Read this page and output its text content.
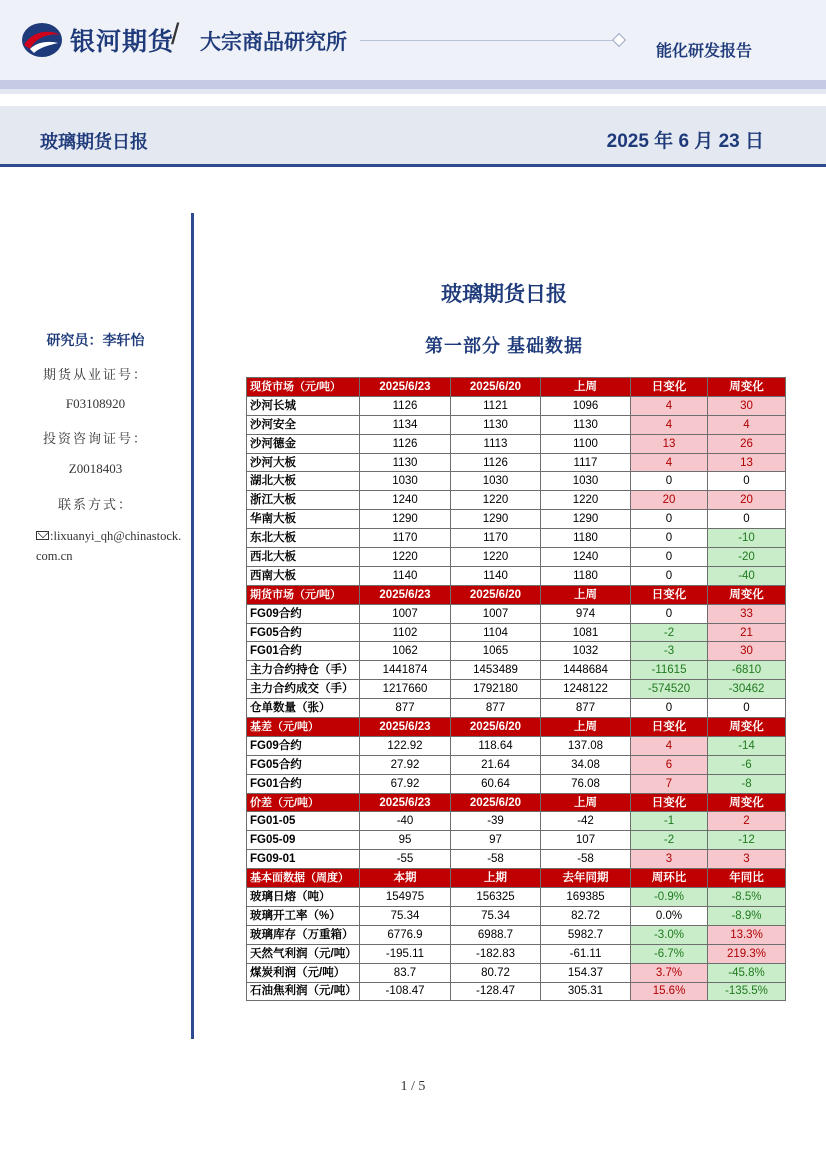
银河期货
/ 大宗商品研究所	能化研发报告
玻璃期货日报	2025 年 6 月 23 日
研究员：李轩怡
期货从业证号：
F03108920
投资咨询证号：
Z0018403
联系方式：
:lixuanyi_qh@chinastock.com.cn
玻璃期货日报
第一部分 基础数据
现货市场（元/吨）	2025/6/23	2025/6/20	上周	日变化	周变化
沙河长城	1126	1121	1096	4	30
沙河安全	1134	1130	1130	4	4
沙河德金	1126	1113	1100	13	26
沙河大板	1130	1126	1117	4	13
湖北大板	1030	1030	1030	0	0
浙江大板	1240	1220	1220	20	20
华南大板	1290	1290	1290	0	0
东北大板	1170	1170	1180	0	-10
西北大板	1220	1220	1240	0	-20
西南大板	1140	1140	1180	0	-40
期货市场（元/吨）	2025/6/23	2025/6/20	上周	日变化	周变化
FG09合约	1007	1007	974	0	33
FG05合约	1102	1104	1081	-2	21
FG01合约	1062	1065	1032	-3	30
主力合约持仓（手）	1441874	1453489	1448684	-11615	-6810
主力合约成交（手）	1217660	1792180	1248122	-574520	-30462
仓单数量（张）	877	877	877	0	0
基差（元/吨）	2025/6/23	2025/6/20	上周	日变化	周变化
FG09合约	122.92	118.64	137.08	4	-14
FG05合约	27.92	21.64	34.08	6	-6
FG01合约	67.92	60.64	76.08	7	-8
价差（元/吨）	2025/6/23	2025/6/20	上周	日变化	周变化
FG01-05	-40	-39	-42	-1	2
FG05-09	95	97	107	-2	-12
FG09-01	-55	-58	-58	3	3
基本面数据（周度）	本期	上期	去年同期	周环比	年同比
玻璃日熔（吨）	154975	156325	169385	-0.9%	-8.5%
玻璃开工率（%）	75.34	75.34	82.72	0.0%	-8.9%
玻璃库存（万重箱）	6776.9	6988.7	5982.7	-3.0%	13.3%
天然气利润（元/吨）	-195.11	-182.83	-61.11	-6.7%	219.3%
煤炭利润（元/吨）	83.7	80.72	154.37	3.7%	-45.8%
石油焦利润（元/吨）	-108.47	-128.47	305.31	15.6%	-135.5%
1 / 5
